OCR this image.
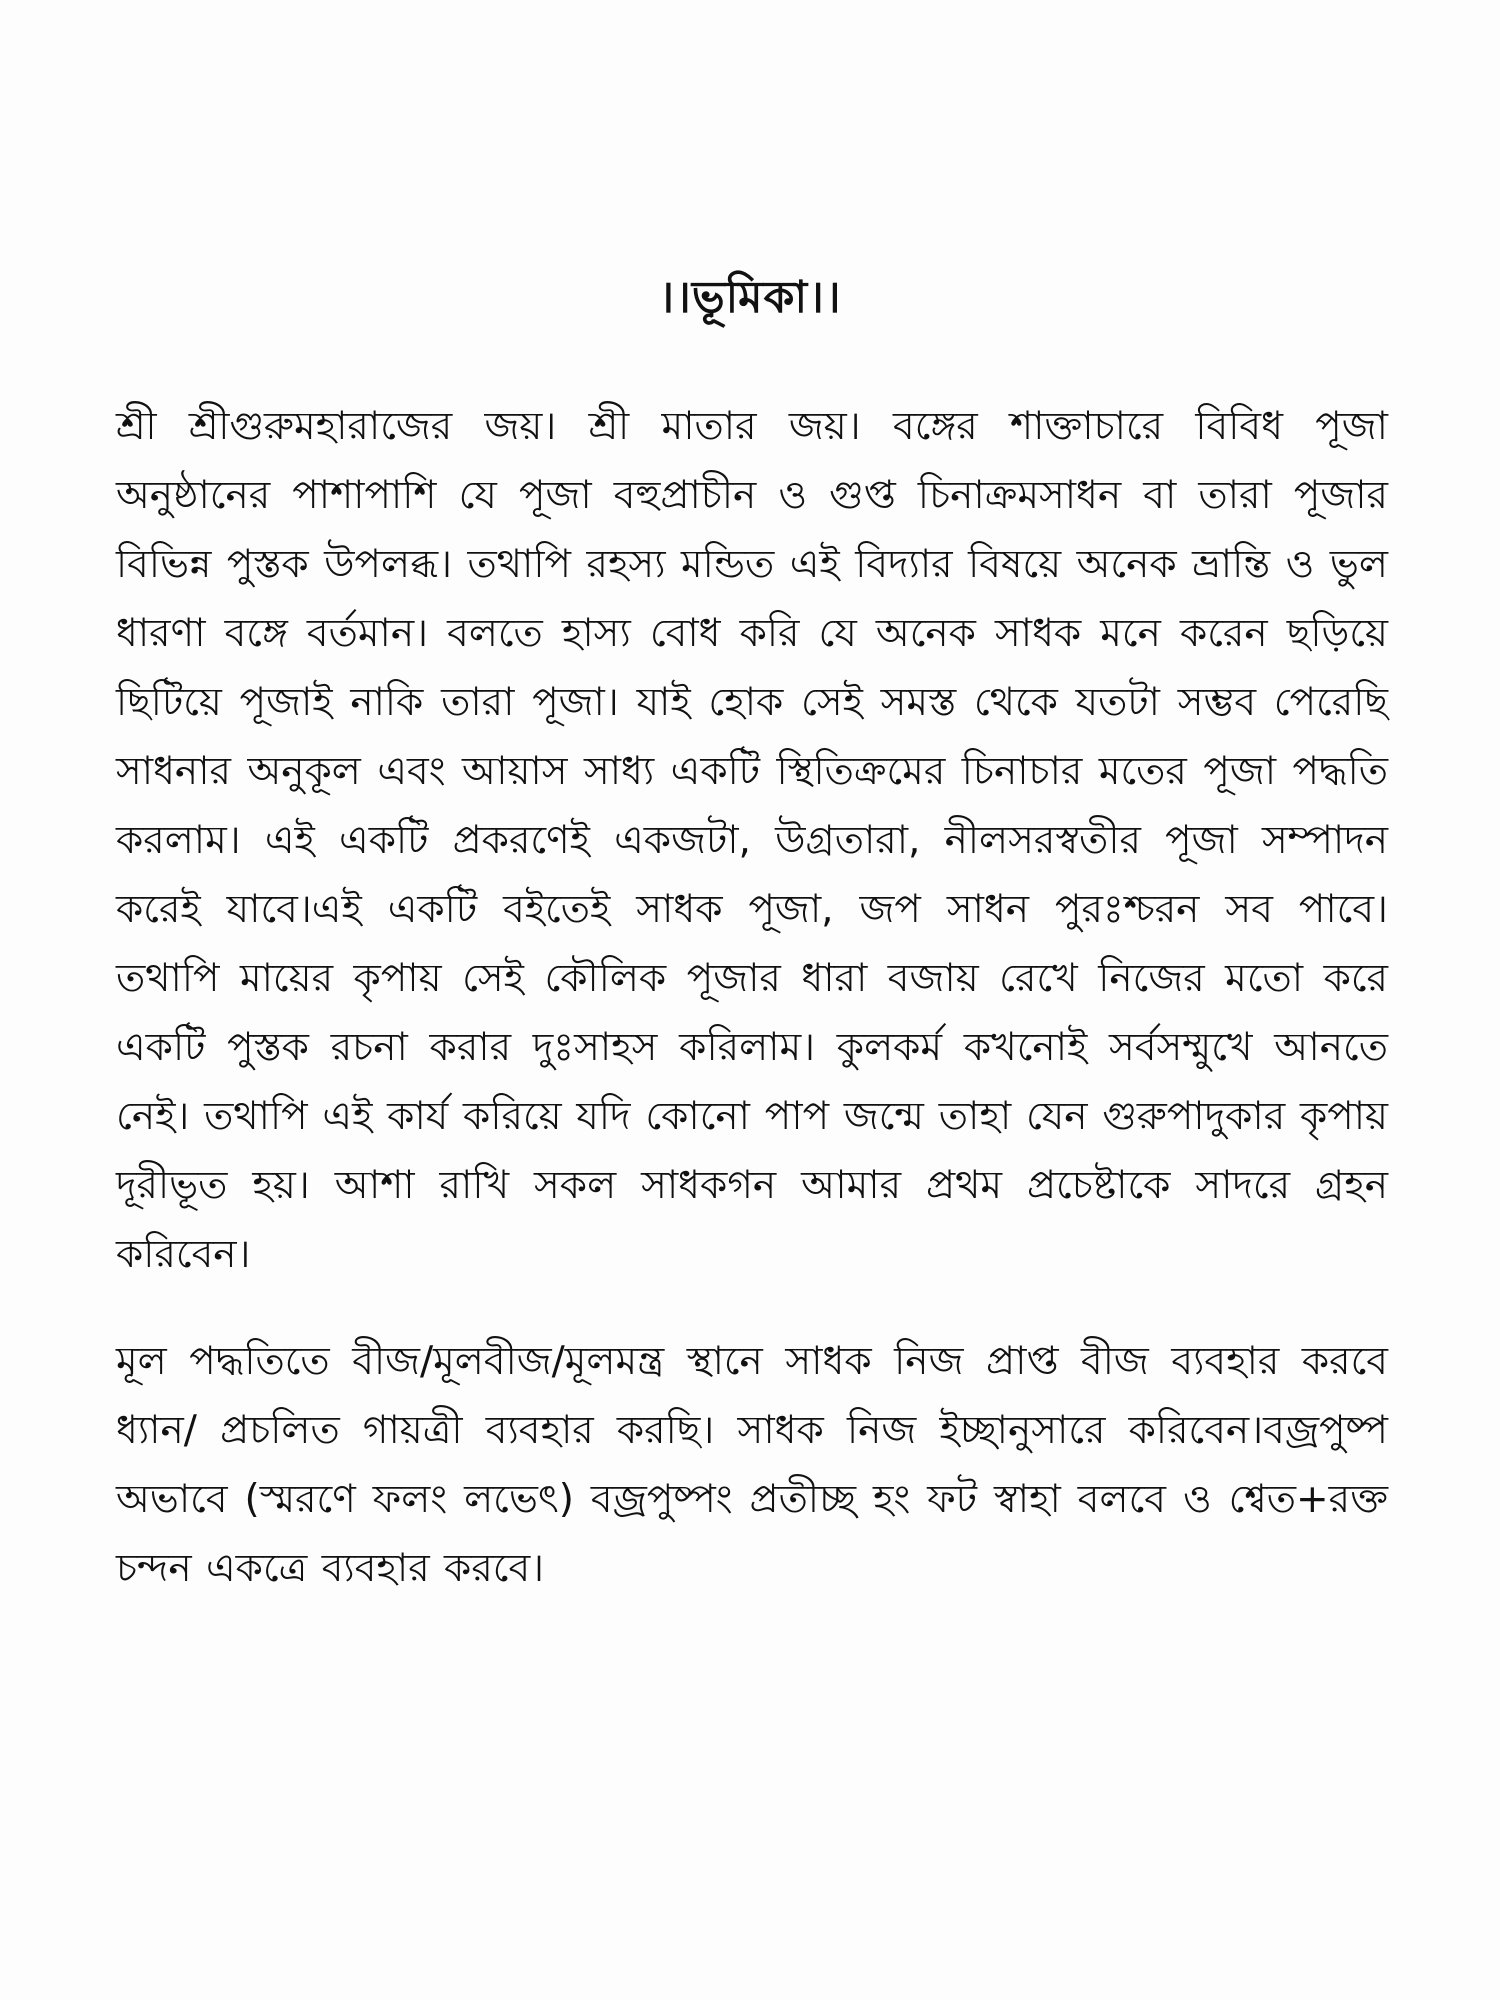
।।ভূমিকা।।

শ্রী শ্রীগুরুমহারাজের জয়। শ্রী মাতার জয়। বঙ্গের শাক্তাচারে বিবিধ পূজা অনুষ্ঠানের পাশাপাশি যে পূজা বহুপ্রাচীন ও গুপ্ত চিনাক্রমসাধন বা তারা পূজার বিভিন্ন পুস্তক উপলব্ধ। তথাপি রহস্য মন্ডিত এই বিদ্যার বিষয়ে অনেক ভ্রান্তি ও ভুল ধারণা বঙ্গে বর্তমান। বলতে হাস্য বোধ করি যে অনেক সাধক মনে করেন ছড়িয়ে ছিটিয়ে পূজাই নাকি তারা পূজা। যাই হোক সেই সমস্ত থেকে যতটা সম্ভব পেরেছি সাধনার অনুকূল এবং আয়াস সাধ্য একটি স্থিতিক্রমের চিনাচার মতের পূজা পদ্ধতি করলাম। এই একটি প্রকরণেই একজটা, উগ্রতারা, নীলসরস্বতীর পূজা সম্পাদন করেই যাবে।এই একটি বইতেই সাধক পূজা, জপ সাধন পুরঃশ্চরন সব পাবে। তথাপি মায়ের কৃপায় সেই কৌলিক পূজার ধারা বজায় রেখে নিজের মতো করে একটি পুস্তক রচনা করার দুঃসাহস করিলাম। কুলকর্ম কখনোই সর্বসম্মুখে আনতে নেই। তথাপি এই কার্য করিয়ে যদি কোনো পাপ জন্মে তাহা যেন গুরুপাদুকার কৃপায় দূরীভূত হয়। আশা রাখি সকল সাধকগন আমার প্রথম প্রচেষ্টাকে সাদরে গ্রহন করিবেন।

মূল পদ্ধতিতে বীজ/মূলবীজ/মূলমন্ত্র স্থানে সাধক নিজ প্রাপ্ত বীজ ব্যবহার করবে ধ্যান/ প্রচলিত গায়ত্রী ব্যবহার করছি। সাধক নিজ ইচ্ছানুসারে করিবেন।বজ্রপুষ্প অভাবে (স্মরণে ফলং লভেৎ) বজ্রপুষ্পং প্রতীচ্ছ হং ফট স্বাহা বলবে ও শ্বেত+রক্ত চন্দন একত্রে ব্যবহার করবে।
